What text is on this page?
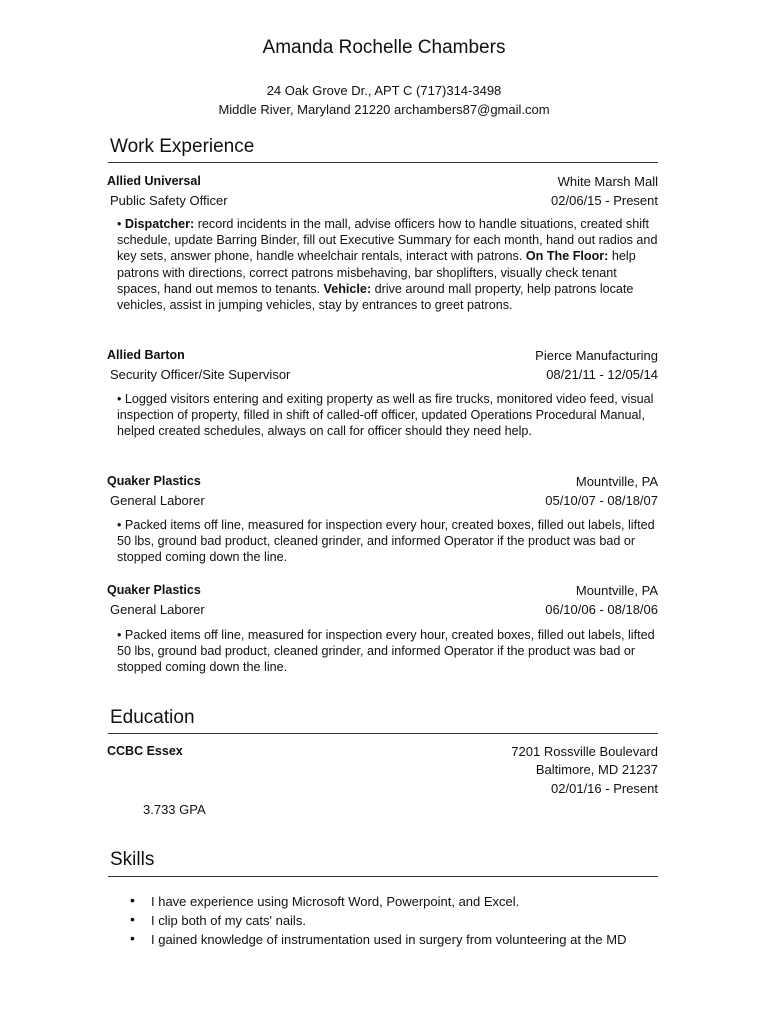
Amanda Rochelle Chambers
24 Oak Grove Dr., APT C (717)314-3498
Middle River, Maryland 21220 archambers87@gmail.com
Work Experience
Allied Universal	White Marsh Mall
Public Safety Officer	02/06/15 - Present
• Dispatcher: record incidents in the mall, advise officers how to handle situations, created shift schedule, update Barring Binder, fill out Executive Summary for each month, hand out radios and key sets, answer phone, handle wheelchair rentals, interact with patrons. On The Floor: help patrons with directions, correct patrons misbehaving, bar shoplifters, visually check tenant spaces, hand out memos to tenants. Vehicle: drive around mall property, help patrons locate vehicles, assist in jumping vehicles, stay by entrances to greet patrons.
Allied Barton	Pierce Manufacturing
Security Officer/Site Supervisor	08/21/11 - 12/05/14
• Logged visitors entering and exiting property as well as fire trucks, monitored video feed, visual inspection of property, filled in shift of called-off officer, updated Operations Procedural Manual, helped created schedules, always on call for officer should they need help.
Quaker Plastics	Mountville, PA
General Laborer	05/10/07 - 08/18/07
• Packed items off line, measured for inspection every hour, created boxes, filled out labels, lifted 50 lbs, ground bad product, cleaned grinder, and informed Operator if the product was bad or stopped coming down the line.
Quaker Plastics	Mountville, PA
General Laborer	06/10/06 - 08/18/06
• Packed items off line, measured for inspection every hour, created boxes, filled out labels, lifted 50 lbs, ground bad product, cleaned grinder, and informed Operator if the product was bad or stopped coming down the line.
Education
CCBC Essex	7201 Rossville Boulevard
Baltimore, MD 21237
02/01/16 - Present
3.733 GPA
Skills
• I have experience using Microsoft Word, Powerpoint, and Excel.
• I clip both of my cats' nails.
• I gained knowledge of instrumentation used in surgery from volunteering at the MD
